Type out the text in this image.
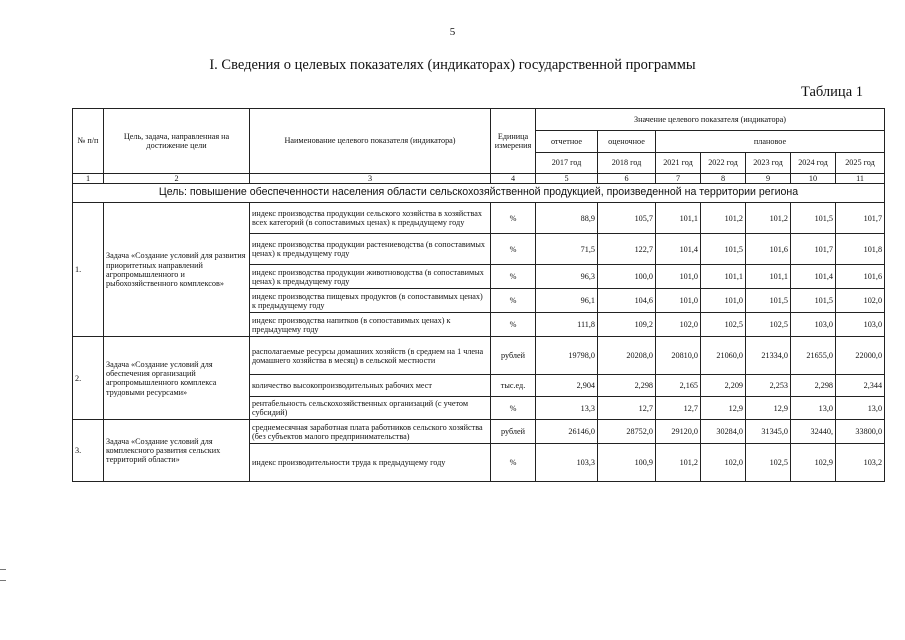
5
I. Сведения о целевых показателях (индикаторах) государственной программы
Таблица 1
№ п/п	Цель, задача, направленная на достижение цели	Наименование целевого показателя (индикатора)	Единица измерения	Значение целевого показателя (индикатора)						
				отчетное	оценочное	плановое				
				2017 год	2018 год	2021 год	2022 год	2023 год	2024 год	2025 год
1	2	3	4	5	6	7	8	9	10	11
Цель: повышение обеспеченности населения области сельскохозяйственной продукцией, произведенной на территории региона										
1.	Задача «Создание условий для развития приоритетных направлений агропромышленного и рыбохозяйственного комплексов»	индекс производства продукции сельского хозяйства в хозяйствах всех категорий (в сопоставимых ценах) к предыдущему году	%	88,9	105,7	101,1	101,2	101,2	101,5	101,7
		индекс производства продукции растениеводства (в сопоставимых ценах) к предыдущему году	%	71,5	122,7	101,4	101,5	101,6	101,7	101,8
		индекс производства продукции животноводства (в сопоставимых ценах) к предыдущему году	%	96,3	100,0	101,0	101,1	101,1	101,4	101,6
		индекс производства пищевых продуктов (в сопоставимых ценах) к предыдущему году	%	96,1	104,6	101,0	101,0	101,5	101,5	102,0
		индекс производства напитков (в сопоставимых ценах) к предыдущему году	%	111,8	109,2	102,0	102,5	102,5	103,0	103,0
2.	Задача «Создание условий для обеспечения организаций агропромышленного комплекса трудовыми ресурсами»	располагаемые ресурсы домашних хозяйств (в среднем на 1 члена домашнего хозяйства в месяц) в сельской местности	рублей	19798,0	20208,0	20810,0	21060,0	21334,0	21655,0	22000,0
		количество высокопроизводительных рабочих мест	тыс.ед.	2,904	2,298	2,165	2,209	2,253	2,298	2,344
		рентабельность сельскохозяйственных организаций (с учетом субсидий)	%	13,3	12,7	12,7	12,9	12,9	13,0	13,0
3.	Задача «Создание условий для комплексного развития сельских территорий области»	среднемесячная заработная плата работников сельского хозяйства (без субъектов малого предпринимательства)	рублей	26146,0	28752,0	29120,0	30284,0	31345,0	32440,	33800,0
		индекс производительности труда к предыдущему году	%	103,3	100,9	101,2	102,0	102,5	102,9	103,2
